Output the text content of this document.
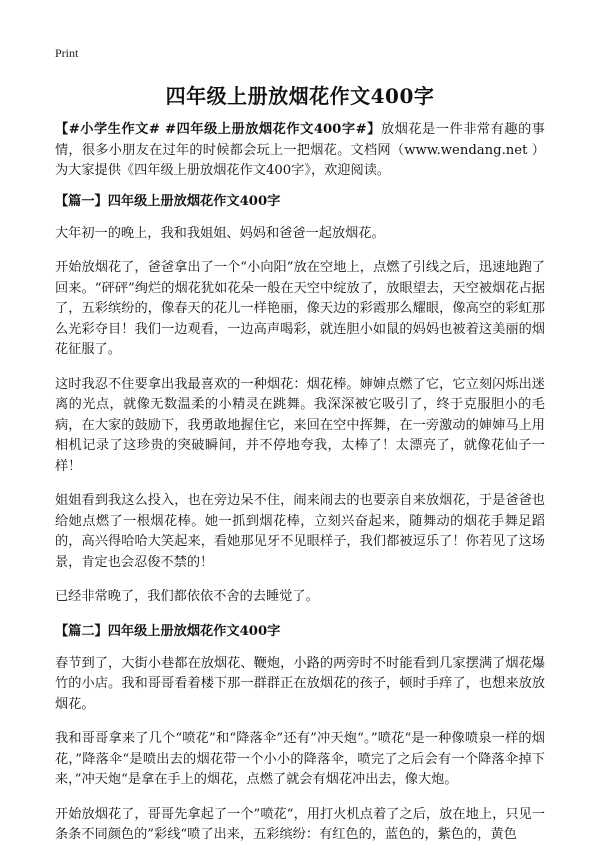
Print
四年级上册放烟花作文400字

【#小学生作文# #四年级上册放烟花作文400字#】放烟花是一件非常有趣的事情，很多小朋友在过年的时候都会玩上一把烟花。文档网（www.wendang.net ）为大家提供《四年级上册放烟花作文400字》，欢迎阅读。

【篇一】四年级上册放烟花作文400字

大年初一的晚上，我和我姐姐、妈妈和爸爸一起放烟花。

开始放烟花了，爸爸拿出了一个“小向阳”放在空地上，点燃了引线之后，迅速地跑了回来。“砰砰”绚烂的烟花犹如花朵一般在天空中绽放了，放眼望去，天空被烟花占据了，五彩缤纷的，像春天的花儿一样艳丽，像天边的彩霞那么耀眼，像高空的彩虹那么光彩夺目！我们一边观看，一边高声喝彩，就连胆小如鼠的妈妈也被着这美丽的烟花征服了。

这时我忍不住要拿出我最喜欢的一种烟花：烟花棒。婶婶点燃了它，它立刻闪烁出迷离的光点，就像无数温柔的小精灵在跳舞。我深深被它吸引了，终于克服胆小的毛病，在大家的鼓励下，我勇敢地握住它，来回在空中挥舞，在一旁激动的婶婶马上用相机记录了这珍贵的突破瞬间，并不停地夸我，太棒了！太漂亮了，就像花仙子一样！

姐姐看到我这么投入，也在旁边呆不住，闹来闹去的也要亲自来放烟花，于是爸爸也给她点燃了一根烟花棒。她一抓到烟花棒，立刻兴奋起来，随舞动的烟花手舞足蹈的，高兴得哈哈大笑起来，看她那见牙不见眼样子，我们都被逗乐了！你若见了这场景，肯定也会忍俊不禁的！

已经非常晚了，我们都依依不舍的去睡觉了。

【篇二】四年级上册放烟花作文400字

春节到了，大街小巷都在放烟花、鞭炮，小路的两旁时不时能看到几家摆满了烟花爆竹的小店。我和哥哥看着楼下那一群群正在放烟花的孩子，顿时手痒了，也想来放放烟花。

我和哥哥拿来了几个“喷花”和“降落伞”还有”冲天炮“。”喷花“是一种像喷泉一样的烟花，”降落伞“是喷出去的烟花带一个小小的降落伞，喷完了之后会有一个降落伞掉下来，”冲天炮“是拿在手上的烟花，点燃了就会有烟花冲出去，像大炮。

开始放烟花了，哥哥先拿起了一个”喷花“，用打火机点着了之后，放在地上，只见一条条不同颜色的”彩线“喷了出来，五彩缤纷：有红色的，蓝色的，紫色的，黄色
